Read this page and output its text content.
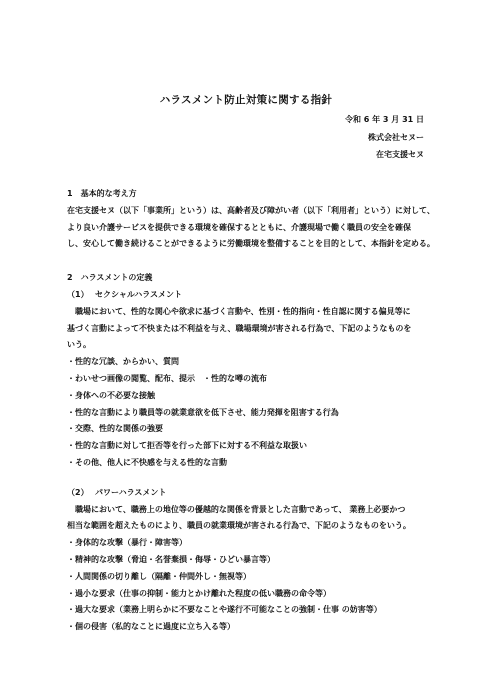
ハラスメント防止対策に関する指針
令和 6 年 3 月 31 日
株式会社セヌー
在宅支援セヌ
1　基本的な考え方
在宅支援セヌ（以下「事業所」という）は、高齢者及び障がい者（以下「利用者」という）に対して、
より良い介護サービスを提供できる環境を確保するとともに、介護現場で働く職員の安全を確保
し、安心して働き続けることができるように労働環境を整備することを目的として、本指針を定める。
2　ハラスメントの定義
（1） セクシャルハラスメント
職場において、性的な関心や欲求に基づく言動や、性別・性的指向・性自認に関する偏見等に
基づく言動によって不快または不利益を与え、職場環境が害される行為で、下記のようなものを
いう。
・性的な冗談、からかい、質問
・わいせつ画像の閲覧、配布、提示　・性的な噂の流布
・身体への不必要な接触
・性的な言動により職員等の就業意欲を低下させ、能力発揮を阻害する行為
・交際、性的な関係の強要
・性的な言動に対して拒否等を行った部下に対する不利益な取扱い
・その他、他人に不快感を与える性的な言動
（2） パワーハラスメント
職場において、職務上の地位等の優越的な関係を背景とした言動であって、 業務上必要かつ
相当な範囲を超えたものにより、職員の就業環境が害される行為で、下記のようなものをいう。
・身体的な攻撃（暴行・障害等）
・精神的な攻撃（脅迫・名誉棄損・侮辱・ひどい暴言等）
・人間関係の切り離し（隔離・仲間外し・無視等）
・過小な要求（仕事の抑制・能力とかけ離れた程度の低い職務の命令等）
・過大な要求（業務上明らかに不要なことや遂行不可能なことの強制・仕事 の妨害等）
・個の侵害（私的なことに過度に立ち入る等）
